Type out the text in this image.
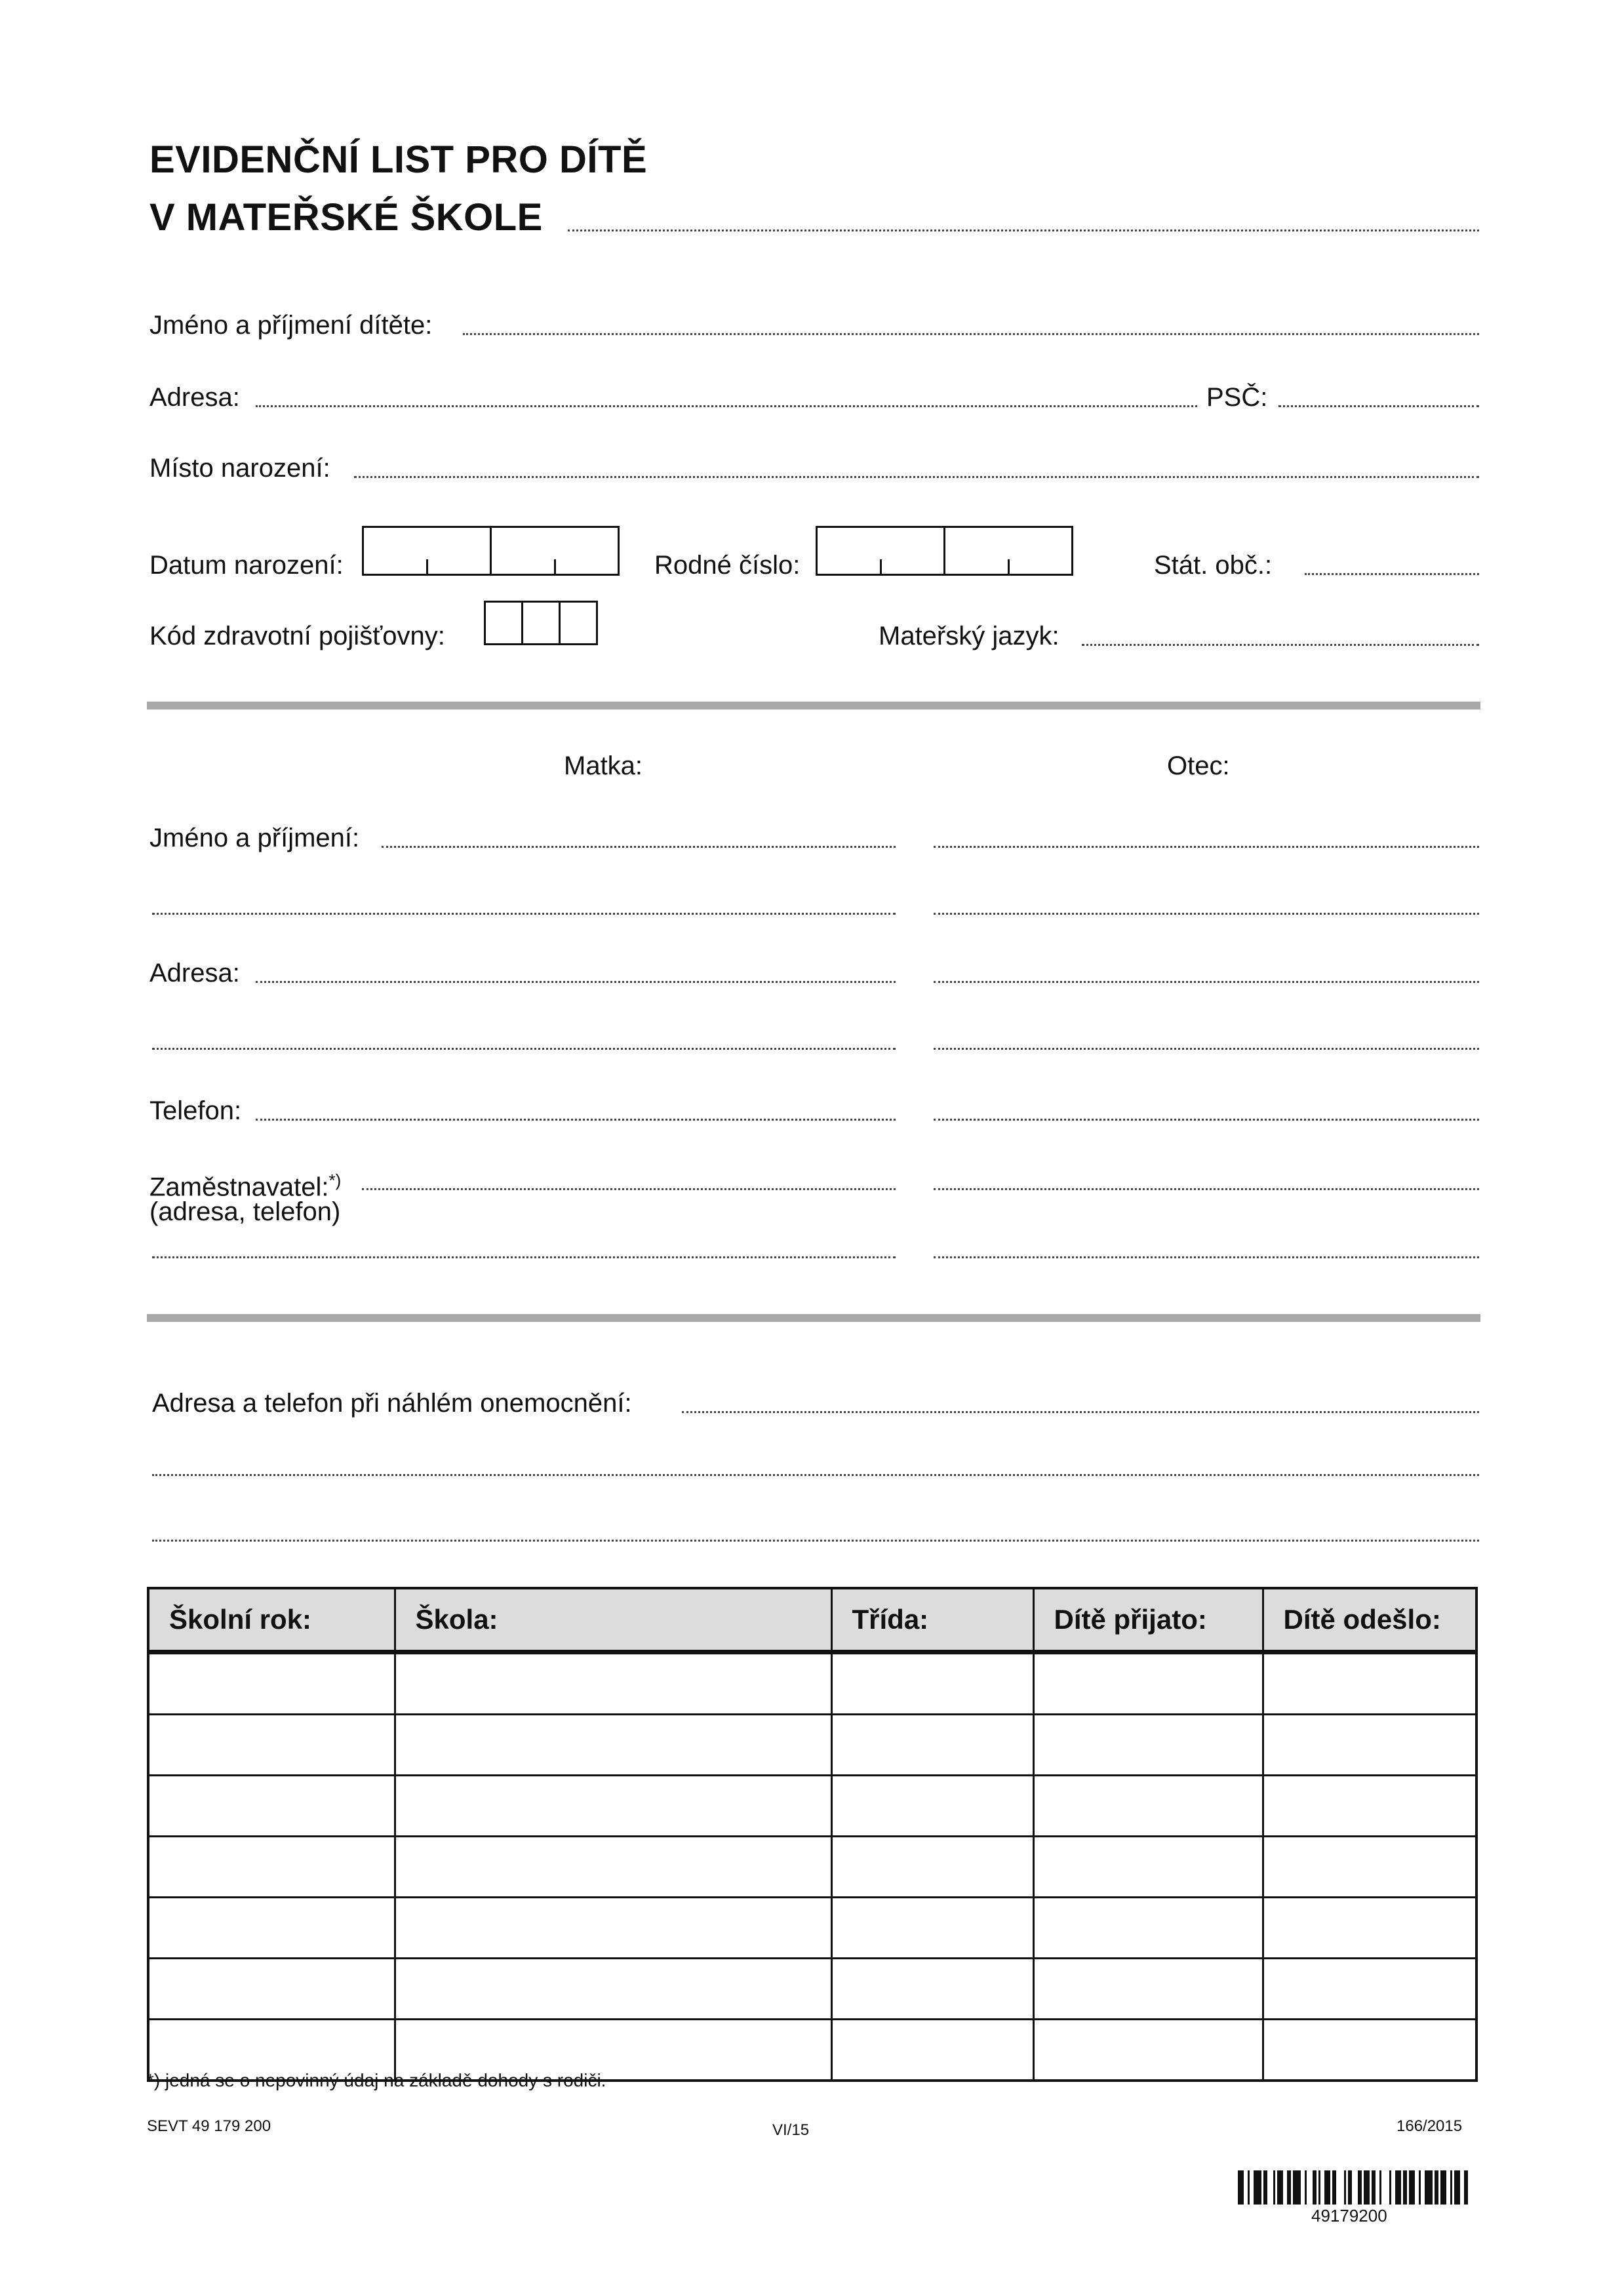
EVIDENČNÍ LIST PRO DÍTĚ
V MATEŘSKÉ ŠKOLE
Jméno a příjmení dítěte:
Adresa:	PSČ:
Místo narození:
Datum narození:	Rodné číslo:	Stát. obč.:
Kód zdravotní pojišťovny:	Mateřský jazyk:
Matka:	Otec:
Jméno a příjmení:
Adresa:
Telefon:
Zaměstnavatel:*)
(adresa, telefon)
Adresa a telefon při náhlém onemocnění:
Školní rok:	Škola:	Třída:	Dítě přijato:	Dítě odešlo:

*) jedná se o nepovinný údaj na základě dohody s rodiči.
SEVT 49 179 200	VI/15	166/2015
49179200
